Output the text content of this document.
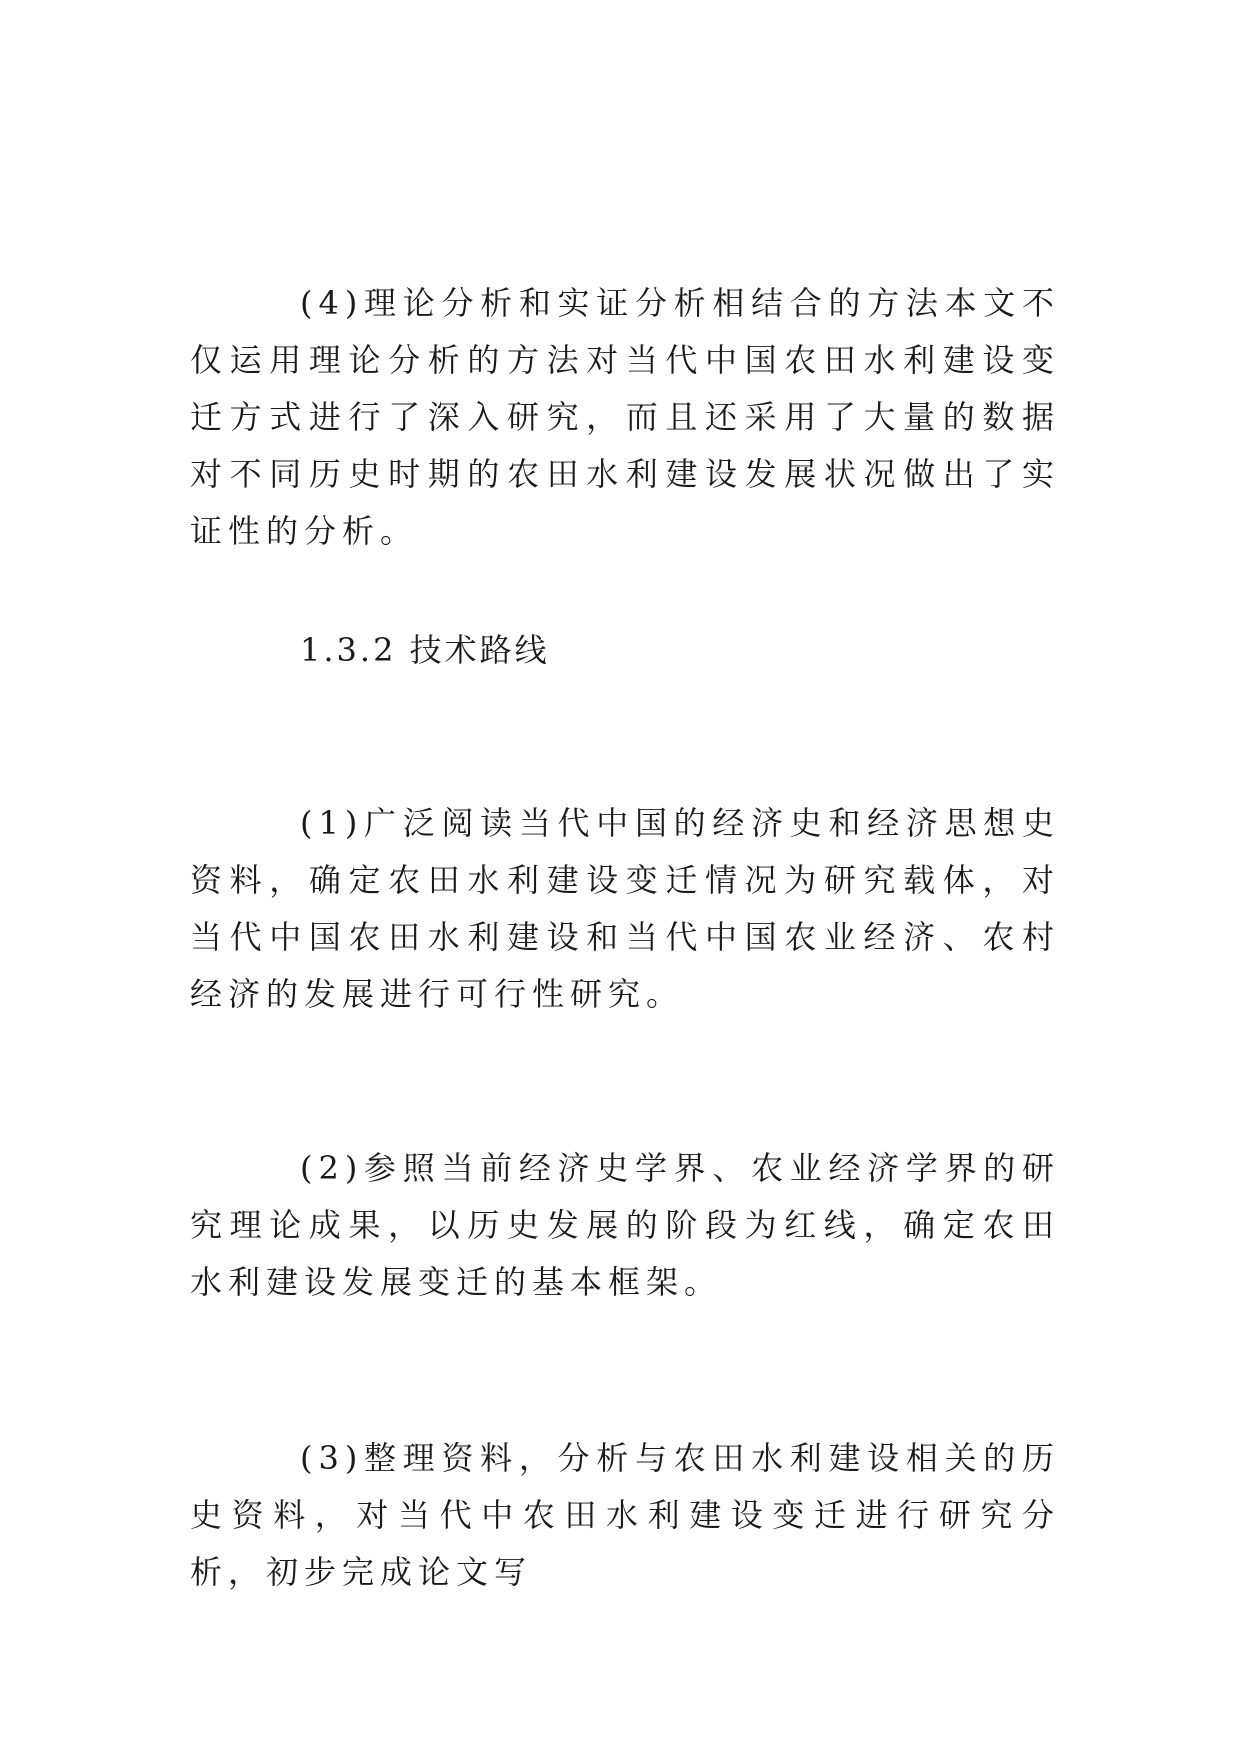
(4)理论分析和实证分析相结合的方法本文不仅运用理论分析的方法对当代中国农田水利建设变迁方式进行了深入研究，而且还采用了大量的数据对不同历史时期的农田水利建设发展状况做出了实证性的分析。

1.3.2 技术路线

(1)广泛阅读当代中国的经济史和经济思想史资料，确定农田水利建设变迁情况为研究载体，对当代中国农田水利建设和当代中国农业经济、农村经济的发展进行可行性研究。

(2)参照当前经济史学界、农业经济学界的研究理论成果，以历史发展的阶段为红线，确定农田水利建设发展变迁的基本框架。

(3)整理资料，分析与农田水利建设相关的历史资料，对当代中农田水利建设变迁进行研究分析，初步完成论文写
